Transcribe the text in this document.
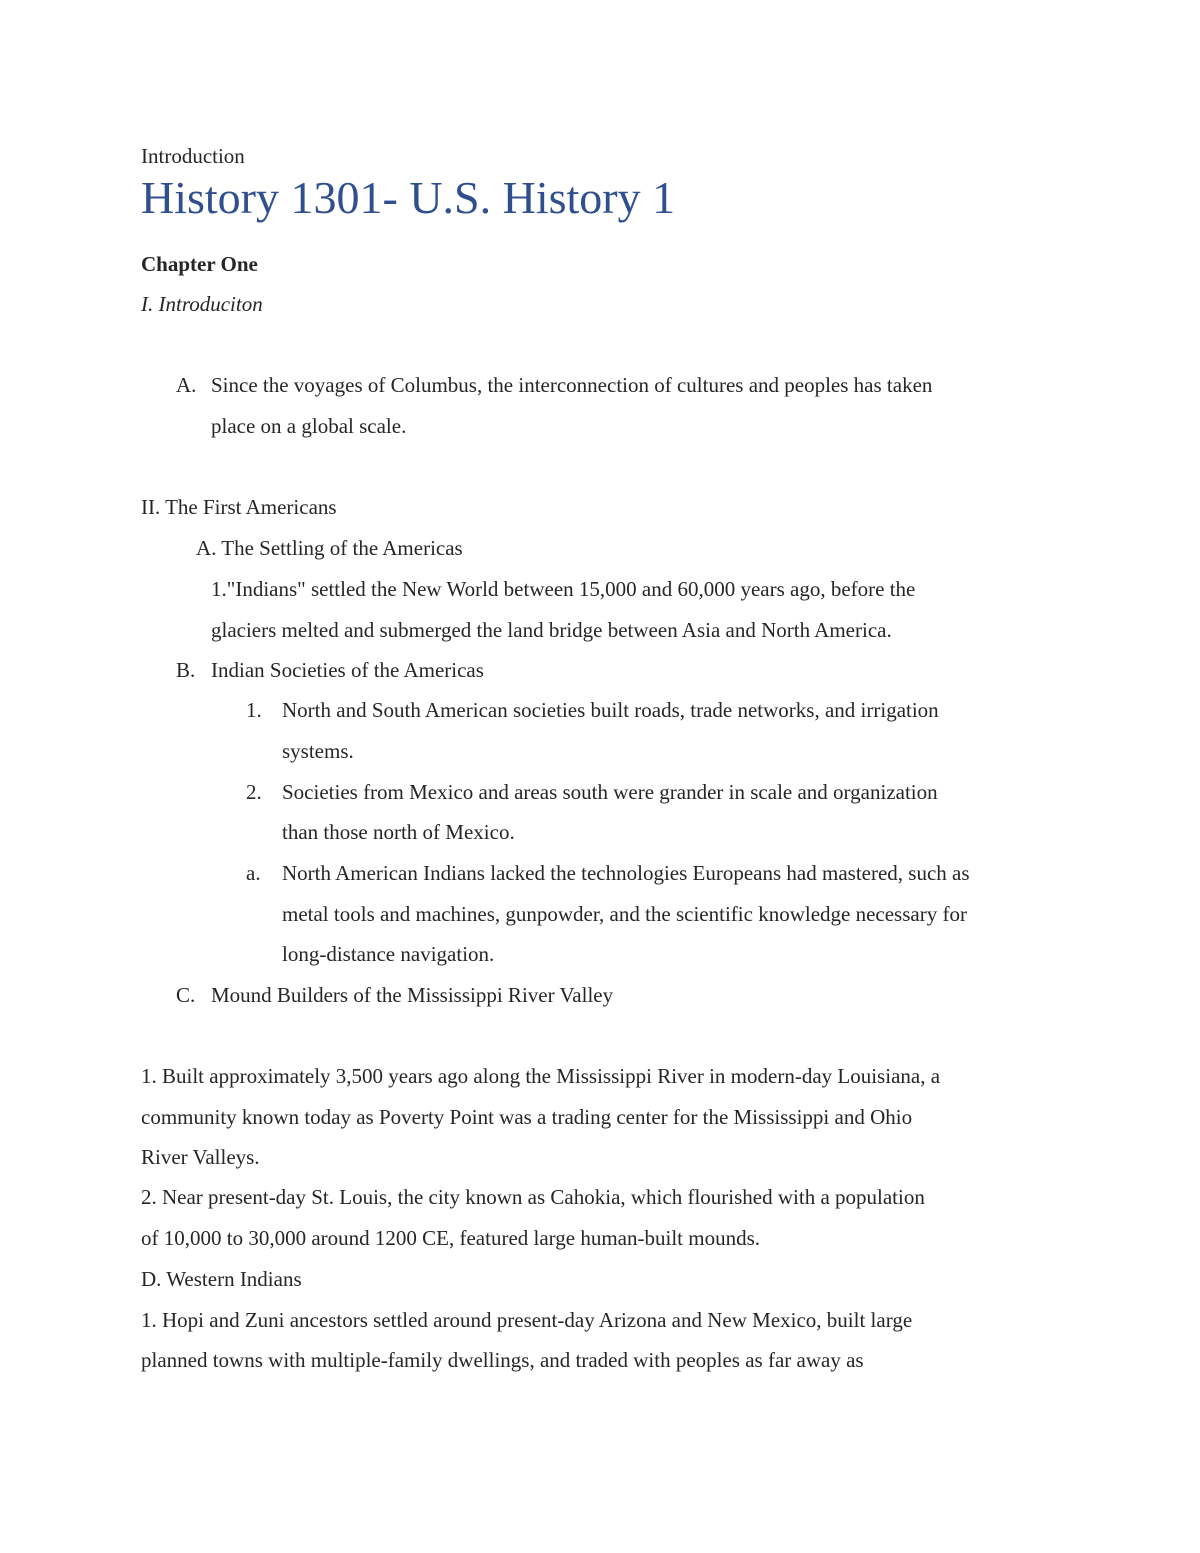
Introduction
History 1301- U.S. History 1
Chapter One
I. Introduciton
A. Since the voyages of Columbus, the interconnection of cultures and peoples has taken
place on a global scale.
II. The First Americans
A. The Settling of the Americas
1."Indians" settled the New World between 15,000 and 60,000 years ago, before the
glaciers melted and submerged the land bridge between Asia and North America.
B. Indian Societies of the Americas
1. North and South American societies built roads, trade networks, and irrigation
systems.
2. Societies from Mexico and areas south were grander in scale and organization
than those north of Mexico.
a. North American Indians lacked the technologies Europeans had mastered, such as
metal tools and machines, gunpowder, and the scientific knowledge necessary for
long-distance navigation.
C. Mound Builders of the Mississippi River Valley
1. Built approximately 3,500 years ago along the Mississippi River in modern-day Louisiana, a
community known today as Poverty Point was a trading center for the Mississippi and Ohio
River Valleys.
2. Near present-day St. Louis, the city known as Cahokia, which flourished with a population
of 10,000 to 30,000 around 1200 CE, featured large human-built mounds.
D. Western Indians
1. Hopi and Zuni ancestors settled around present-day Arizona and New Mexico, built large
planned towns with multiple-family dwellings, and traded with peoples as far away as
